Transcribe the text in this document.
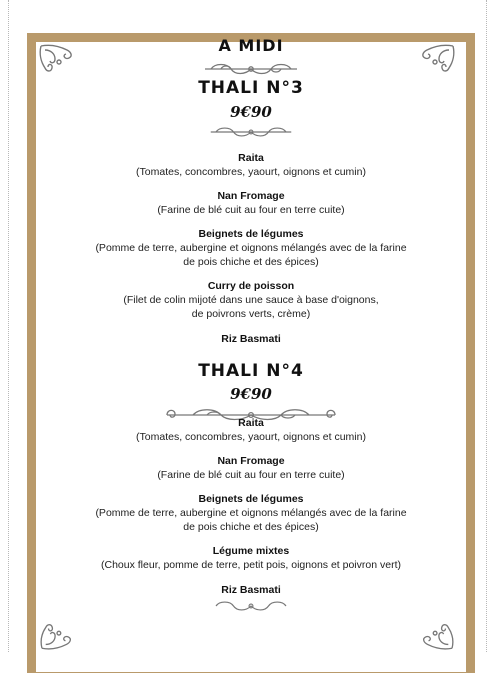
A MIDI
THALI N°3
9€90
Raita
(Tomates, concombres, yaourt, oignons et cumin)
Nan Fromage
(Farine de blé cuit au four en terre cuite)
Beignets de légumes
(Pomme de terre, aubergine et oignons mélangés avec de la farine
de pois chiche et des épices)
Curry de poisson
(Filet de colin mijoté dans une sauce à base d'oignons,
de poivrons verts, crème)
Riz Basmati
THALI N°4
9€90
Raita
(Tomates, concombres, yaourt, oignons et cumin)
Nan Fromage
(Farine de blé cuit au four en terre cuite)
Beignets de légumes
(Pomme de terre, aubergine et oignons mélangés avec de la farine
de pois chiche et des épices)
Légume mixtes
(Choux fleur, pomme de terre, petit pois, oignons et poivron vert)
Riz Basmati
